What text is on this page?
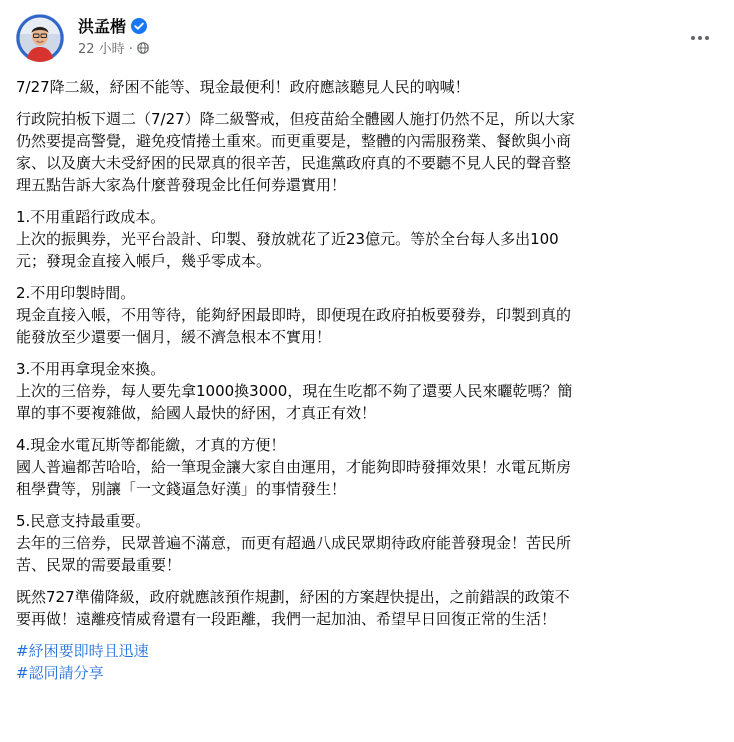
洪孟楷
22 小時 ·

7/27降二級，紓困不能等、現金最便利！政府應該聽見人民的吶喊！

行政院拍板下週二（7/27）降二級警戒，但疫苗給全體國人施打仍然不足，所以大家
仍然要提高警覺，避免疫情捲土重來。而更重要是，整體的內需服務業、餐飲與小商
家、以及廣大未受紓困的民眾真的很辛苦，民進黨政府真的不要聽不見人民的聲音整
理五點告訴大家為什麼普發現金比任何券還實用！

1.不用重蹈行政成本。
上次的振興券，光平台設計、印製、發放就花了近23億元。等於全台每人多出100
元；發現金直接入帳戶，幾乎零成本。

2.不用印製時間。
現金直接入帳，不用等待，能夠紓困最即時，即便現在政府拍板要發券，印製到真的
能發放至少還要一個月，緩不濟急根本不實用！

3.不用再拿現金來換。
上次的三倍券，每人要先拿1000換3000，現在生吃都不夠了還要人民來曬乾嗎？簡
單的事不要複雜做，給國人最快的紓困，才真正有效！

4.現金水電瓦斯等都能繳，才真的方便！
國人普遍都苦哈哈，給一筆現金讓大家自由運用，才能夠即時發揮效果！水電瓦斯房
租學費等，別讓「一文錢逼急好漢」的事情發生！

5.民意支持最重要。
去年的三倍券，民眾普遍不滿意，而更有超過八成民眾期待政府能普發現金！苦民所
苦、民眾的需要最重要！

既然727準備降級，政府就應該預作規劃，紓困的方案趕快提出，之前錯誤的政策不
要再做！遠離疫情威脅還有一段距離，我們一起加油、希望早日回復正常的生活！

#紓困要即時且迅速
#認同請分享
